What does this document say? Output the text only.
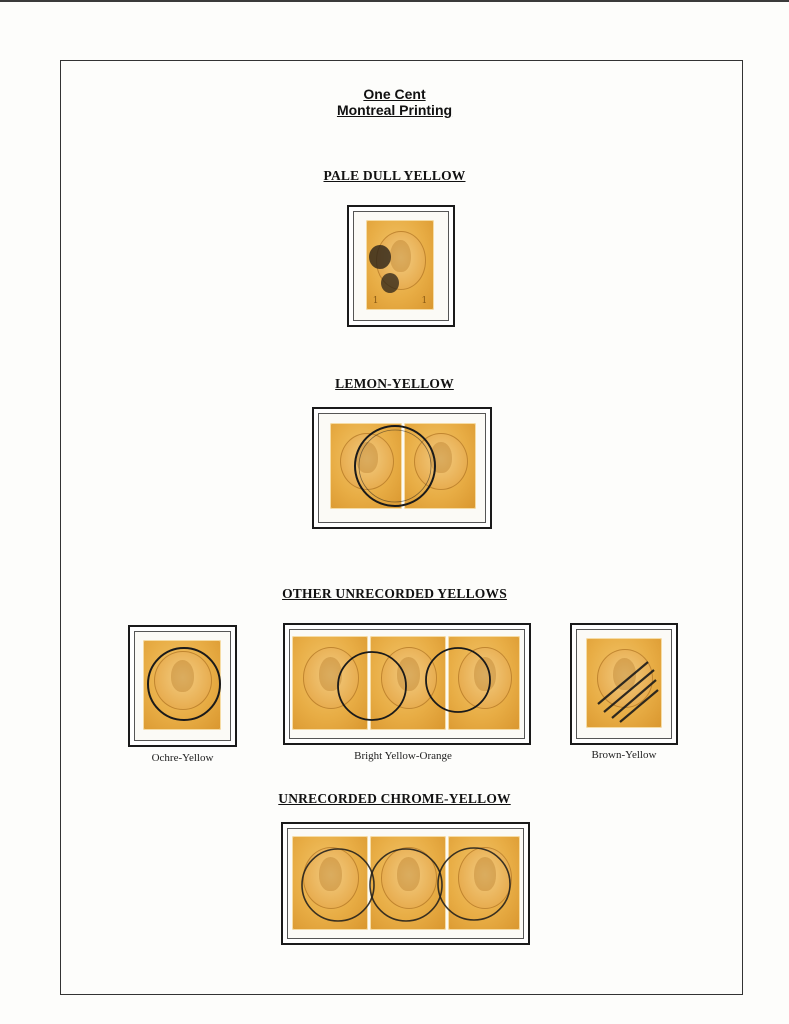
One Cent
Montreal Printing
PALE DULL YELLOW
1	1
LEMON-YELLOW
OTHER UNRECORDED YELLOWS
Ochre-Yellow	Bright Yellow-Orange	Brown-Yellow
UNRECORDED CHROME-YELLOW
